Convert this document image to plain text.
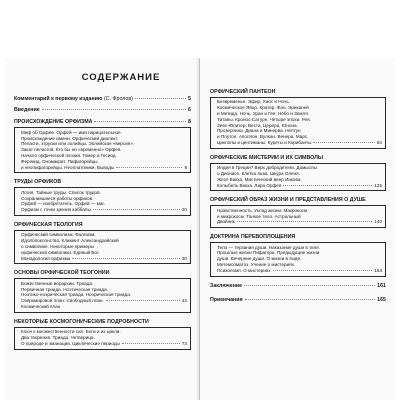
Комментарий к первому изданию (С. Фролов)	5
Введение	6
ПРОИСХОЖДЕНИЕ ОРФИЗМА	8

Миф об Орфее. Орфей — имя нарицательное.

Происхождение имени. Орфический диалект.

Пеласги, этруски или эолийцы. Эолийская «версия».

Закат пеласгов. Кто бы ни «временно» Орфея.

Начало орфической поэзии. Гомер и Гесиод.

Ферекид. Ономакрит. Пифагорейцы

и неопифагорейцы. Неоплатоники. Выводы	9
ТРУДЫ ОРФИКОВ

Логия. Тайные труды. Список трудов.

Сохранившиеся работы орфиков.

Орфей — изобретатель. Орфей — маг.

Орфизм с точки зрения каббалы	20
ОРФИЧЕСКАЯ ТЕОЛОГИЯ

Орфический символизм. Фаллизм.

Идолопоклонство. Климент Александрийский

о символике. Некоторые примеры

орфической символики. Единый Бог.

Монадология орфизма	30
ОСНОВЫ ОРФИЧЕСКОЙ ТЕОГОНИИ

Божественные иерархии. Триада.

Первичная триада. Ноэтическая триада.

Ноэтико-ноэрическая триада. Ноэрическая триада.

Сверхмировой план. Свободный план.	43

Космический план

НЕКОТОРЫЕ КОСМОГОНИЧЕСКИЕ ПОДРОБНОСТИ

Ключ к множественности сил. Боги и их цикли.

Два творения. Триада. Четверица.

О природе и эманации. Циклические периоды	73
СОДЕРЖАНИЕ
ОРФИЧЕСКИЙ ПАНТЕОН

Безвременье. Эфир, Хаос и Ночь.

Космическое Яйцо. Кратер. Фан, Эрикапей

и Метида. Ночь. Уран и Гея. Небо и Земля.

Титаны. Кронос-Сатурн. Четыре эпохи. Рея.

Зевс-Юпитер. Веста, Церера, Юнона.

Прозерпина. Диана и Минерва. Нептун

и Плутон. Аполлон. Вулкан. Венера. Марс.

Циклопы и центиманы. Куреты и Корибанты	84
ОРФИЧЕСКИЕ МИСТЕРИИ И ИХ СИМВОЛЫ

Индия в Греции? Верх добродетели. Домыслы

о Дионисе. Клетка льва. Шкура Оленя.

Жезл Вакха. Мистический веер Иакова.

Колыбель Вакха. Лира Орфея	125
ОРФИЧЕСКИЙ ОБРАЗ ЖИЗНИ И ПРЕДСТАВЛЕНИЯ О ДУШЕ

Нравственность. Уклад жизни. Макрокосм

и микрокосм. Тонкое тело. Астральный

Двойник	140
ДОКТРИНА ПЕРЕВОПЛОЩЕНИЯ

Тело — терзания души. Наказание души в теле.

Прошлые жизни Пифагора. Предыдущие жизни

души. Вечерние души. О жизни в Аиде.

Метемсоматоз. Учение о мистериях.

Психопомп. О мистериях	154
Заключение	161
Примечания	165
